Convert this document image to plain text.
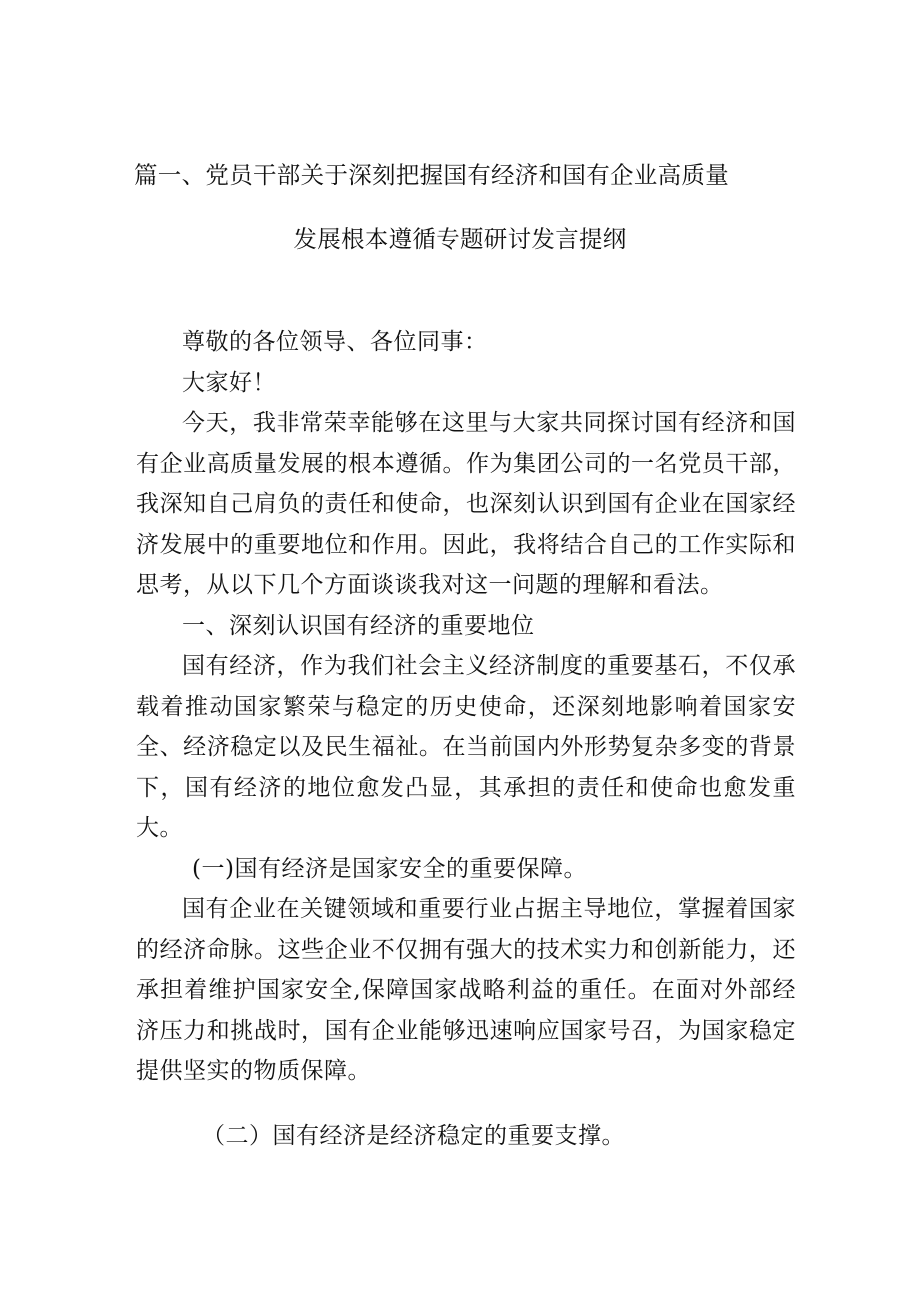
篇一、党员干部关于深刻把握国有经济和国有企业高质量
发展根本遵循专题研讨发言提纲

尊敬的各位领导、各位同事：

大家好！

今天，我非常荣幸能够在这里与大家共同探讨国有经济和国有企业高质量发展的根本遵循。作为集团公司的一名党员干部，我深知自己肩负的责任和使命，也深刻认识到国有企业在国家经济发展中的重要地位和作用。因此，我将结合自己的工作实际和思考，从以下几个方面谈谈我对这一问题的理解和看法。

一、深刻认识国有经济的重要地位

国有经济，作为我们社会主义经济制度的重要基石，不仅承载着推动国家繁荣与稳定的历史使命，还深刻地影响着国家安全、经济稳定以及民生福祉。在当前国内外形势复杂多变的背景下，国有经济的地位愈发凸显，其承担的责任和使命也愈发重大。

(一)国有经济是国家安全的重要保障。

国有企业在关键领域和重要行业占据主导地位，掌握着国家的经济命脉。这些企业不仅拥有强大的技术实力和创新能力，还承担着维护国家安全,保障国家战略利益的重任。在面对外部经济压力和挑战时，国有企业能够迅速响应国家号召，为国家稳定提供坚实的物质保障。

（二）国有经济是经济稳定的重要支撑。
